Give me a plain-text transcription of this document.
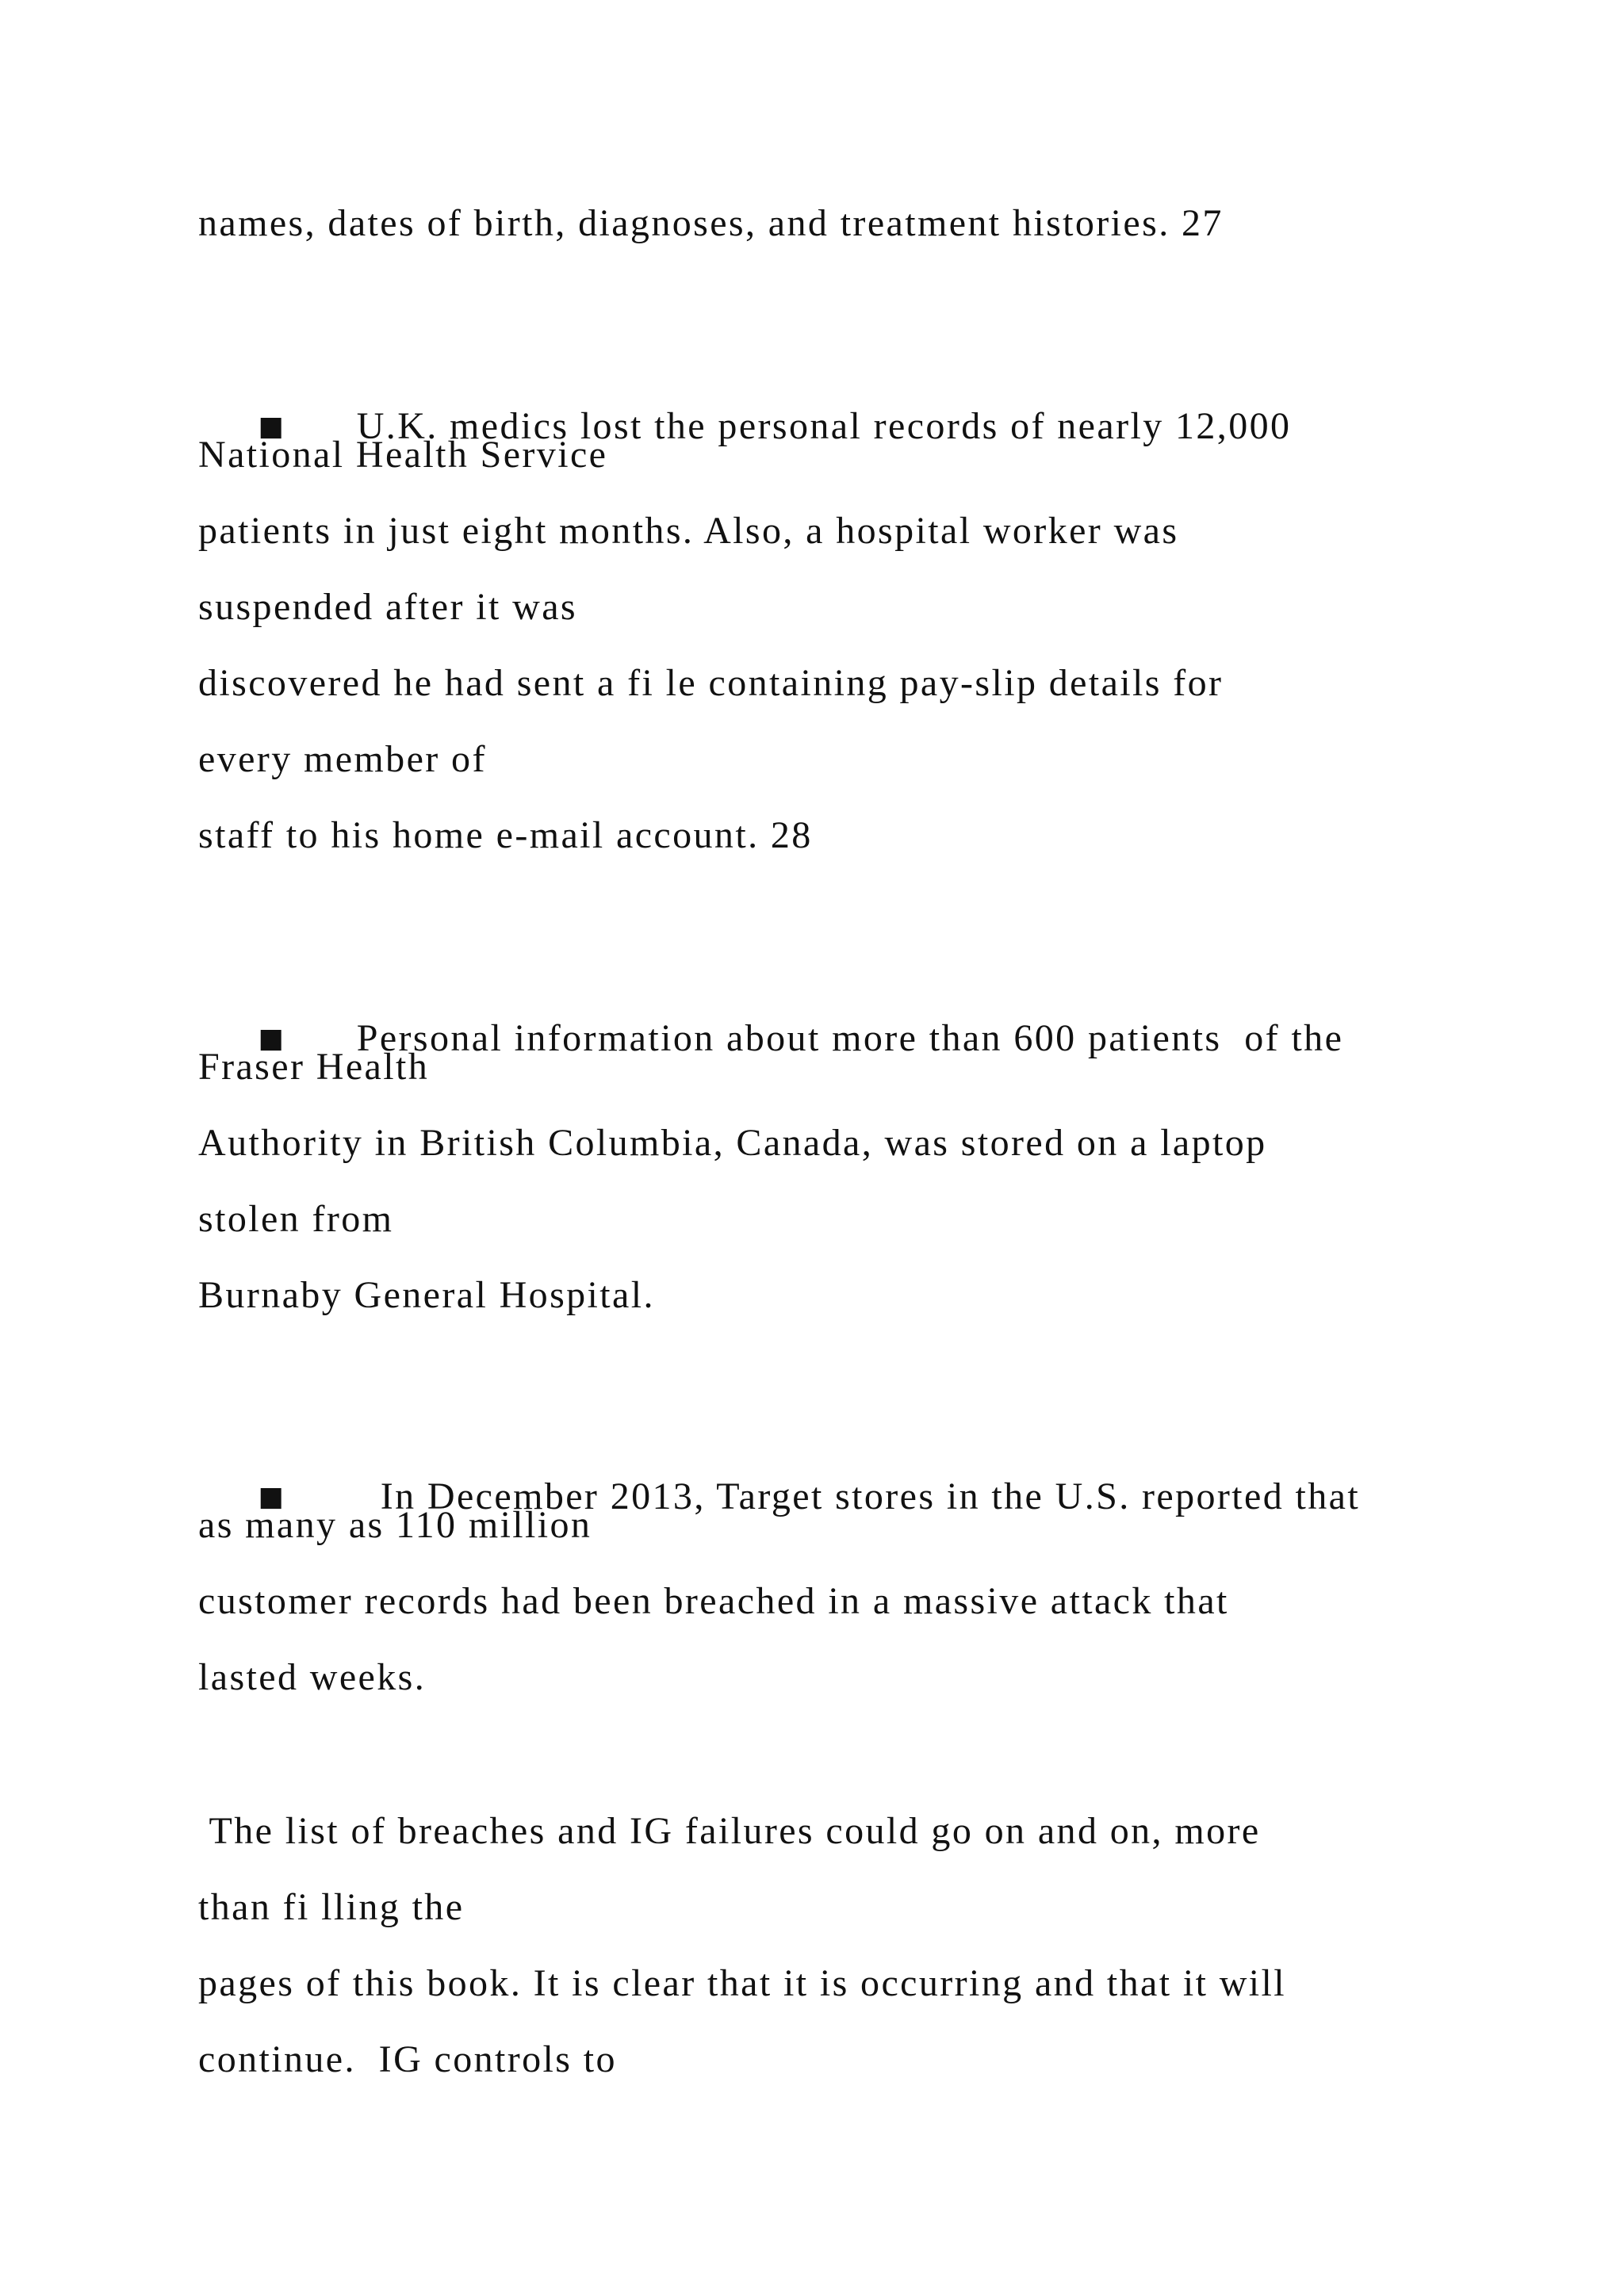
names, dates of birth, diagnoses, and treatment histories. 27

■ U.K. medics lost the personal records of nearly 12,000

National Health Service
patients in just eight months. Also, a hospital worker was
suspended after it was
discovered he had sent a fi le containing pay-slip details for
every member of
staff to his home e-mail account. 28

■ Personal information about more than 600 patients  of the

Fraser Health
Authority in British Columbia, Canada, was stored on a laptop
stolen from
Burnaby General Hospital.

■	In December 2013, Target stores in the U.S. reported that

as many as 110 million
customer records had been breached in a massive attack that
lasted weeks.
The list of breaches and IG failures could go on and on, more
than fi lling the
pages of this book. It is clear that it is occurring and that it will
continue.  IG controls to
